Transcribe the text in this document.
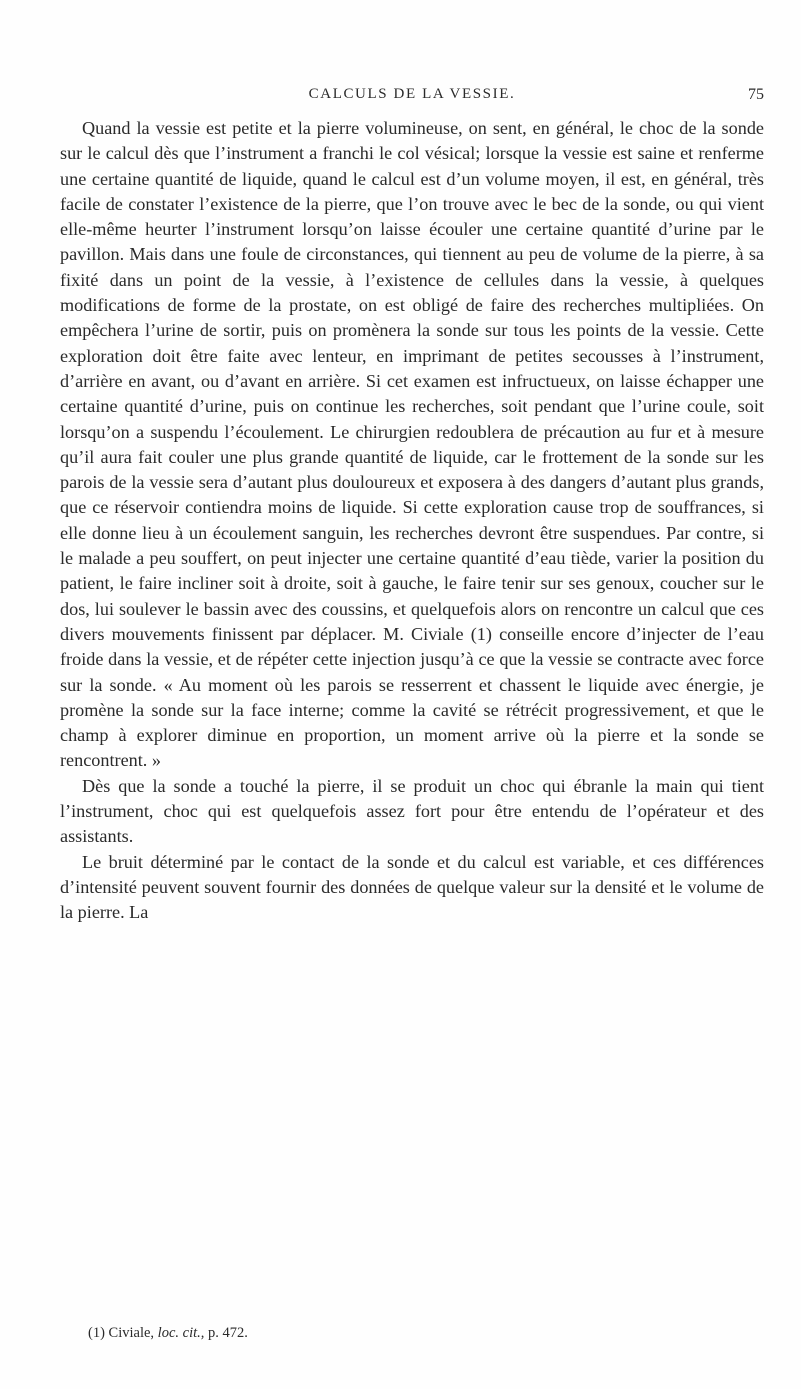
CALCULS DE LA VESSIE.	75

Quand la vessie est petite et la pierre volumineuse, on sent, en général, le choc de la sonde sur le calcul dès que l’instrument a franchi le col vésical; lorsque la vessie est saine et renferme une certaine quantité de liquide, quand le calcul est d’un volume moyen, il est, en général, très facile de constater l’existence de la pierre, que l’on trouve avec le bec de la sonde, ou qui vient elle-même heurter l’instrument lorsqu’on laisse écouler une certaine quantité d’urine par le pavillon. Mais dans une foule de circonstances, qui tiennent au peu de volume de la pierre, à sa fixité dans un point de la vessie, à l’existence de cellules dans la vessie, à quelques modifications de forme de la prostate, on est obligé de faire des recherches multipliées. On empêchera l’urine de sortir, puis on promènera la sonde sur tous les points de la vessie. Cette exploration doit être faite avec lenteur, en imprimant de petites secousses à l’instrument, d’arrière en avant, ou d’avant en arrière. Si cet examen est infructueux, on laisse échapper une certaine quantité d’urine, puis on continue les recherches, soit pendant que l’urine coule, soit lorsqu’on a suspendu l’écoulement. Le chirurgien redoublera de précaution au fur et à mesure qu’il aura fait couler une plus grande quantité de liquide, car le frottement de la sonde sur les parois de la vessie sera d’autant plus douloureux et exposera à des dangers d’autant plus grands, que ce réservoir contiendra moins de liquide. Si cette exploration cause trop de souffrances, si elle donne lieu à un écoulement sanguin, les recherches devront être suspendues. Par contre, si le malade a peu souffert, on peut injecter une certaine quantité d’eau tiède, varier la position du patient, le faire incliner soit à droite, soit à gauche, le faire tenir sur ses genoux, coucher sur le dos, lui soulever le bassin avec des coussins, et quelquefois alors on rencontre un calcul que ces divers mouvements finissent par déplacer. M. Civiale (1) conseille encore d’injecter de l’eau froide dans la vessie, et de répéter cette injection jusqu’à ce que la vessie se contracte avec force sur la sonde. « Au moment où les parois se resserrent et chassent le liquide avec énergie, je promène la sonde sur la face interne; comme la cavité se rétrécit progressivement, et que le champ à explorer diminue en proportion, un moment arrive où la pierre et la sonde se rencontrent. »

Dès que la sonde a touché la pierre, il se produit un choc qui ébranle la main qui tient l’instrument, choc qui est quelquefois assez fort pour être entendu de l’opérateur et des assistants.

Le bruit déterminé par le contact de la sonde et du calcul est variable, et ces différences d’intensité peuvent souvent fournir des données de quelque valeur sur la densité et le volume de la pierre. La

(1) Civiale, loc. cit., p. 472.
